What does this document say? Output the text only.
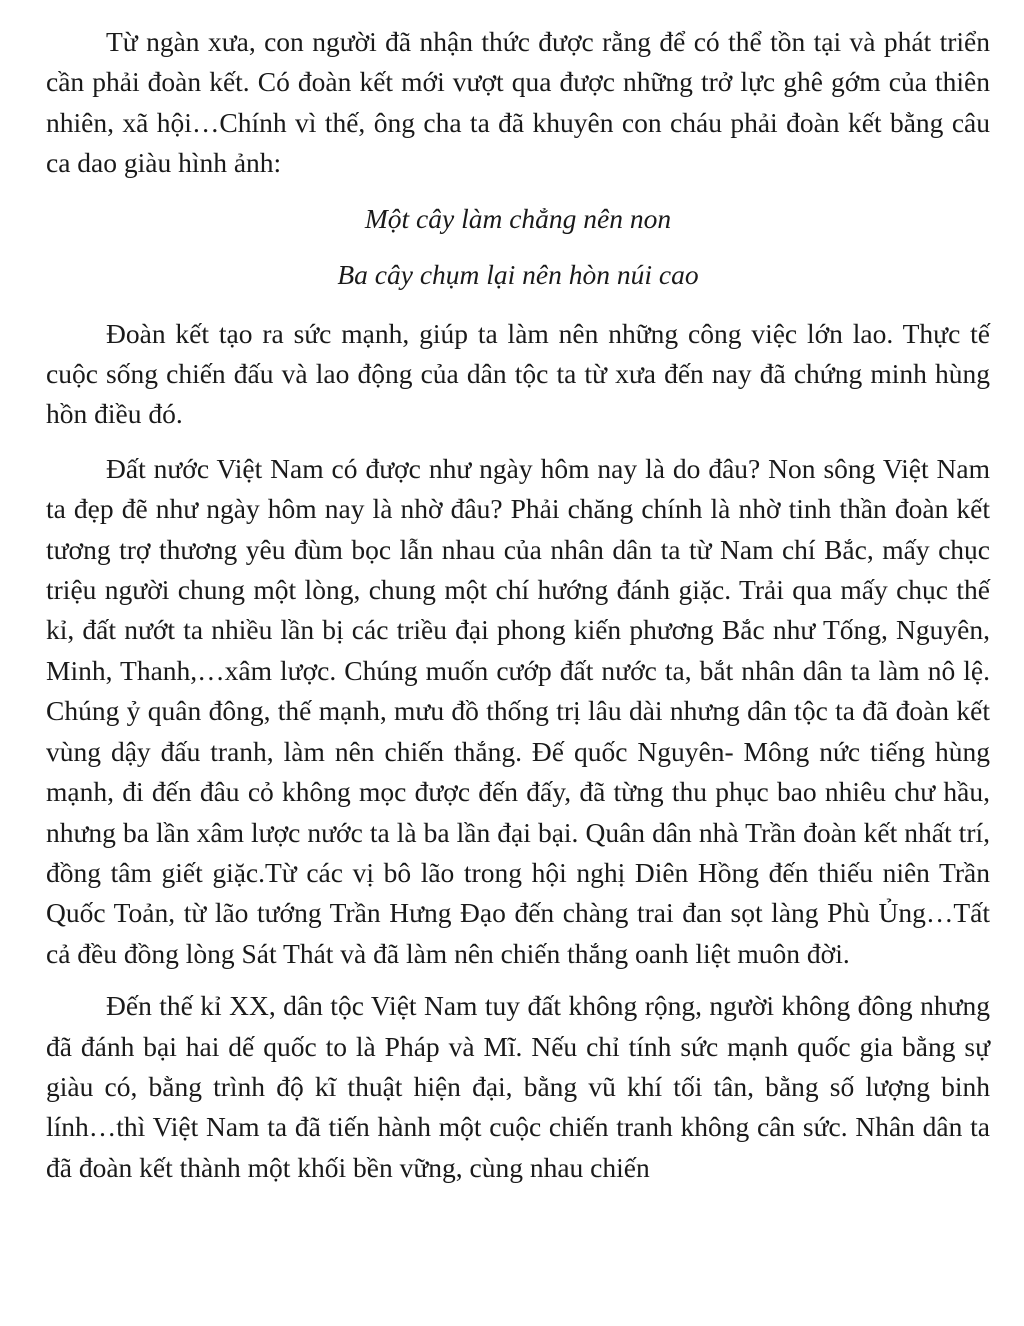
Từ ngàn xưa, con người đã nhận thức được rằng để có thể tồn tại và phát triển cần phải đoàn kết. Có đoàn kết mới vượt qua được những trở lực ghê gớm của thiên nhiên, xã hội…Chính vì thế, ông cha ta đã khuyên con cháu phải đoàn kết bằng câu ca dao giàu hình ảnh:

Một cây làm chẳng nên non

Ba cây chụm lại nên hòn núi cao

Đoàn kết tạo ra sức mạnh, giúp ta làm nên những công việc lớn lao. Thực tế cuộc sống chiến đấu và lao động của dân tộc ta từ xưa đến nay đã chứng minh hùng hồn điều đó.

Đất nước Việt Nam có được như ngày hôm nay là do đâu? Non sông Việt Nam ta đẹp đẽ như ngày hôm nay là nhờ đâu? Phải chăng chính là nhờ tinh thần đoàn kết tương trợ thương yêu đùm bọc lẫn nhau của nhân dân ta từ Nam chí Bắc, mấy chục triệu người chung một lòng, chung một chí hướng đánh giặc. Trải qua mấy chục thế kỉ, đất nướt ta nhiều lần bị các triều đại phong kiến phương Bắc như Tống, Nguyên, Minh, Thanh,…xâm lược. Chúng muốn cướp đất nước ta, bắt nhân dân ta làm nô lệ. Chúng ỷ quân đông, thế mạnh, mưu đồ thống trị lâu dài nhưng dân tộc ta đã đoàn kết vùng dậy đấu tranh, làm nên chiến thắng. Đế quốc Nguyên- Mông nức tiếng hùng mạnh, đi đến đâu cỏ không mọc được đến đấy, đã từng thu phục bao nhiêu chư hầu, nhưng ba lần xâm lược nước ta là ba lần đại bại. Quân dân nhà Trần đoàn kết nhất trí, đồng tâm giết giặc.Từ các vị bô lão trong hội nghị Diên Hồng đến thiếu niên Trần Quốc Toản, từ lão tướng Trần Hưng Đạo đến chàng trai đan sọt làng Phù Ủng…Tất cả đều đồng lòng Sát Thát và đã làm nên chiến thắng oanh liệt muôn đời.

Đến thế kỉ XX, dân tộc Việt Nam tuy đất không rộng, người không đông nhưng đã đánh bại hai dế quốc to là Pháp và Mĩ. Nếu chỉ tính sức mạnh quốc gia bằng sự giàu có, bằng trình độ kĩ thuật hiện đại, bằng vũ khí tối tân, bằng số lượng binh lính…thì Việt Nam ta đã tiến hành một cuộc chiến tranh không cân sức. Nhân dân ta đã đoàn kết thành một khối bền vững, cùng nhau chiến
